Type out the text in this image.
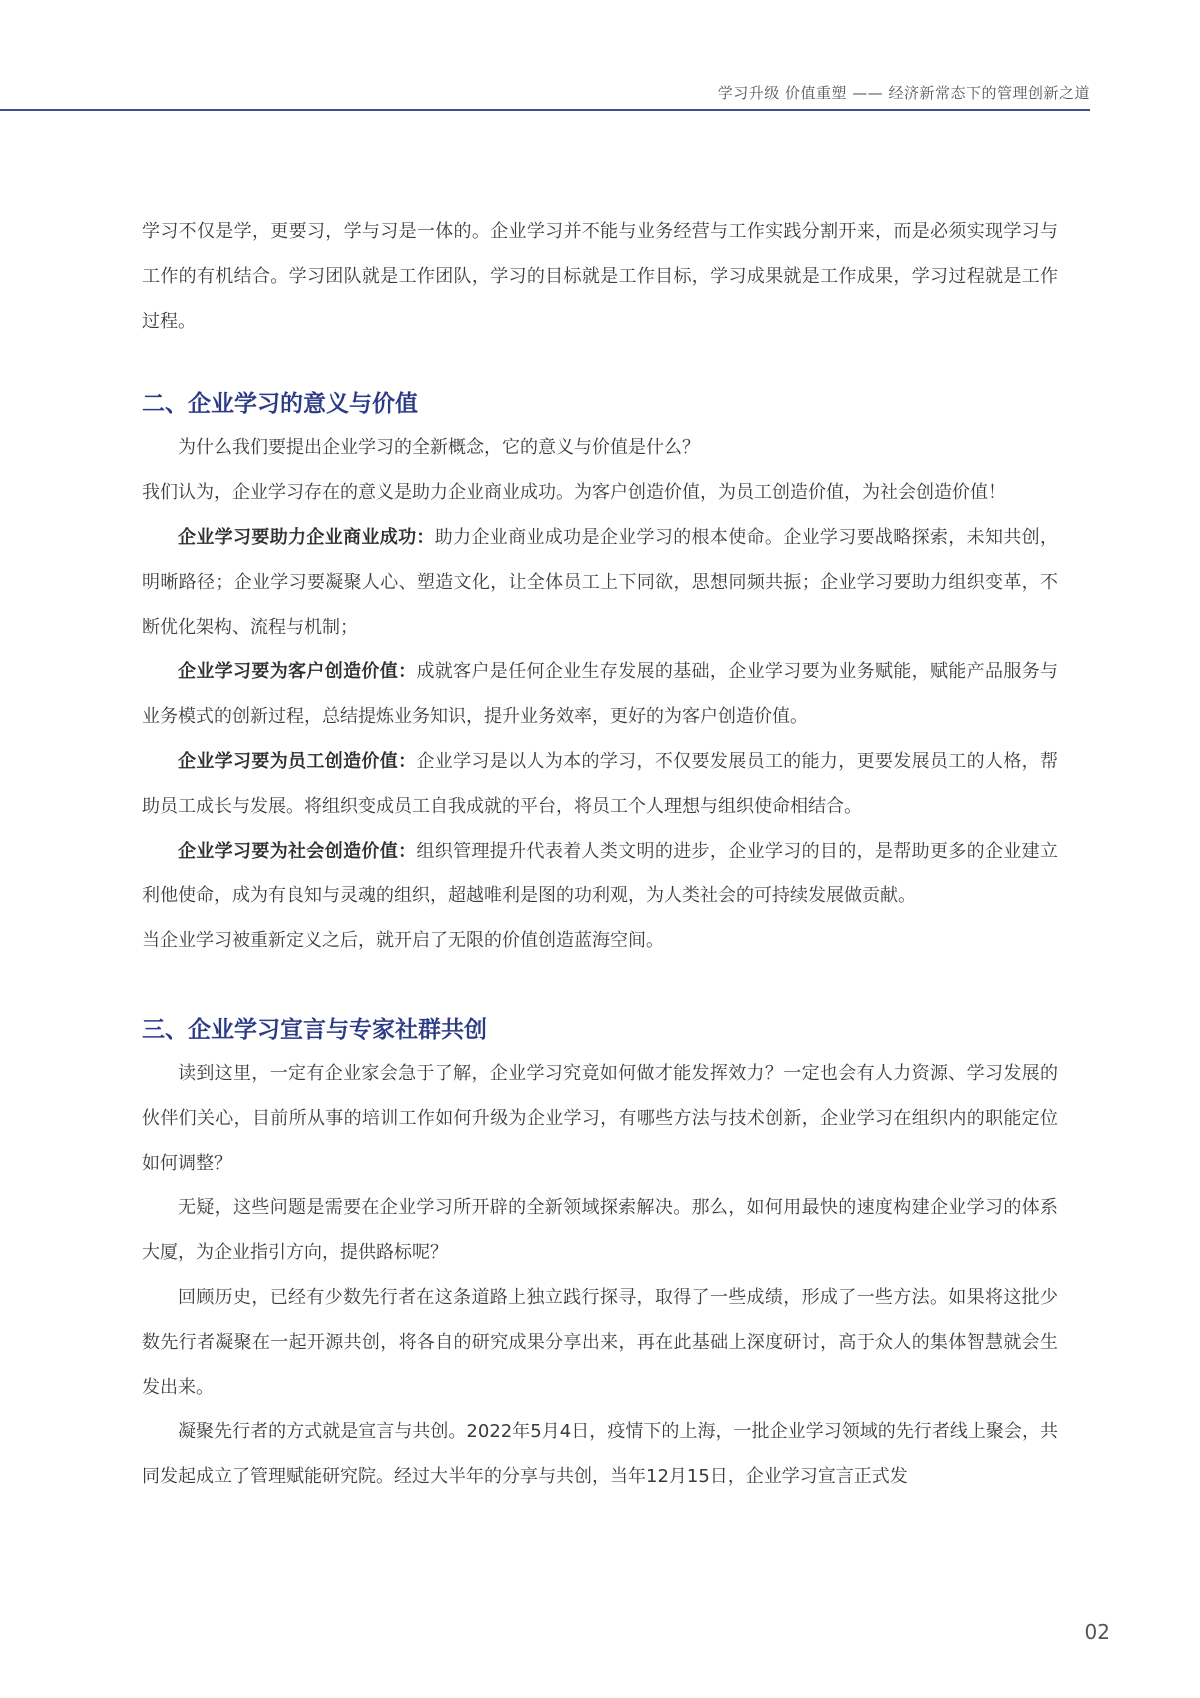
学习升级 价值重塑 —— 经济新常态下的管理创新之道

学习不仅是学，更要习，学与习是一体的。企业学习并不能与业务经营与工作实践分割开来，而是必须实现学习与工作的有机结合。学习团队就是工作团队，学习的目标就是工作目标，学习成果就是工作成果，学习过程就是工作过程。

二、企业学习的意义与价值

为什么我们要提出企业学习的全新概念，它的意义与价值是什么？

我们认为，企业学习存在的意义是助力企业商业成功。为客户创造价值，为员工创造价值，为社会创造价值！

企业学习要助力企业商业成功：助力企业商业成功是企业学习的根本使命。企业学习要战略探索，未知共创，明晰路径；企业学习要凝聚人心、塑造文化，让全体员工上下同欲，思想同频共振；企业学习要助力组织变革，不断优化架构、流程与机制；

企业学习要为客户创造价值：成就客户是任何企业生存发展的基础，企业学习要为业务赋能，赋能产品服务与业务模式的创新过程，总结提炼业务知识，提升业务效率，更好的为客户创造价值。

企业学习要为员工创造价值：企业学习是以人为本的学习，不仅要发展员工的能力，更要发展员工的人格，帮助员工成长与发展。将组织变成员工自我成就的平台，将员工个人理想与组织使命相结合。

企业学习要为社会创造价值：组织管理提升代表着人类文明的进步，企业学习的目的，是帮助更多的企业建立利他使命，成为有良知与灵魂的组织，超越唯利是图的功利观，为人类社会的可持续发展做贡献。

当企业学习被重新定义之后，就开启了无限的价值创造蓝海空间。

三、企业学习宣言与专家社群共创

读到这里，一定有企业家会急于了解，企业学习究竟如何做才能发挥效力？一定也会有人力资源、学习发展的伙伴们关心，目前所从事的培训工作如何升级为企业学习，有哪些方法与技术创新，企业学习在组织内的职能定位如何调整？

无疑，这些问题是需要在企业学习所开辟的全新领域探索解决。那么，如何用最快的速度构建企业学习的体系大厦，为企业指引方向，提供路标呢？

回顾历史，已经有少数先行者在这条道路上独立践行探寻，取得了一些成绩，形成了一些方法。如果将这批少数先行者凝聚在一起开源共创，将各自的研究成果分享出来，再在此基础上深度研讨，高于众人的集体智慧就会生发出来。

凝聚先行者的方式就是宣言与共创。2022年5月4日，疫情下的上海，一批企业学习领域的先行者线上聚会，共同发起成立了管理赋能研究院。经过大半年的分享与共创，当年12月15日，企业学习宣言正式发

02
